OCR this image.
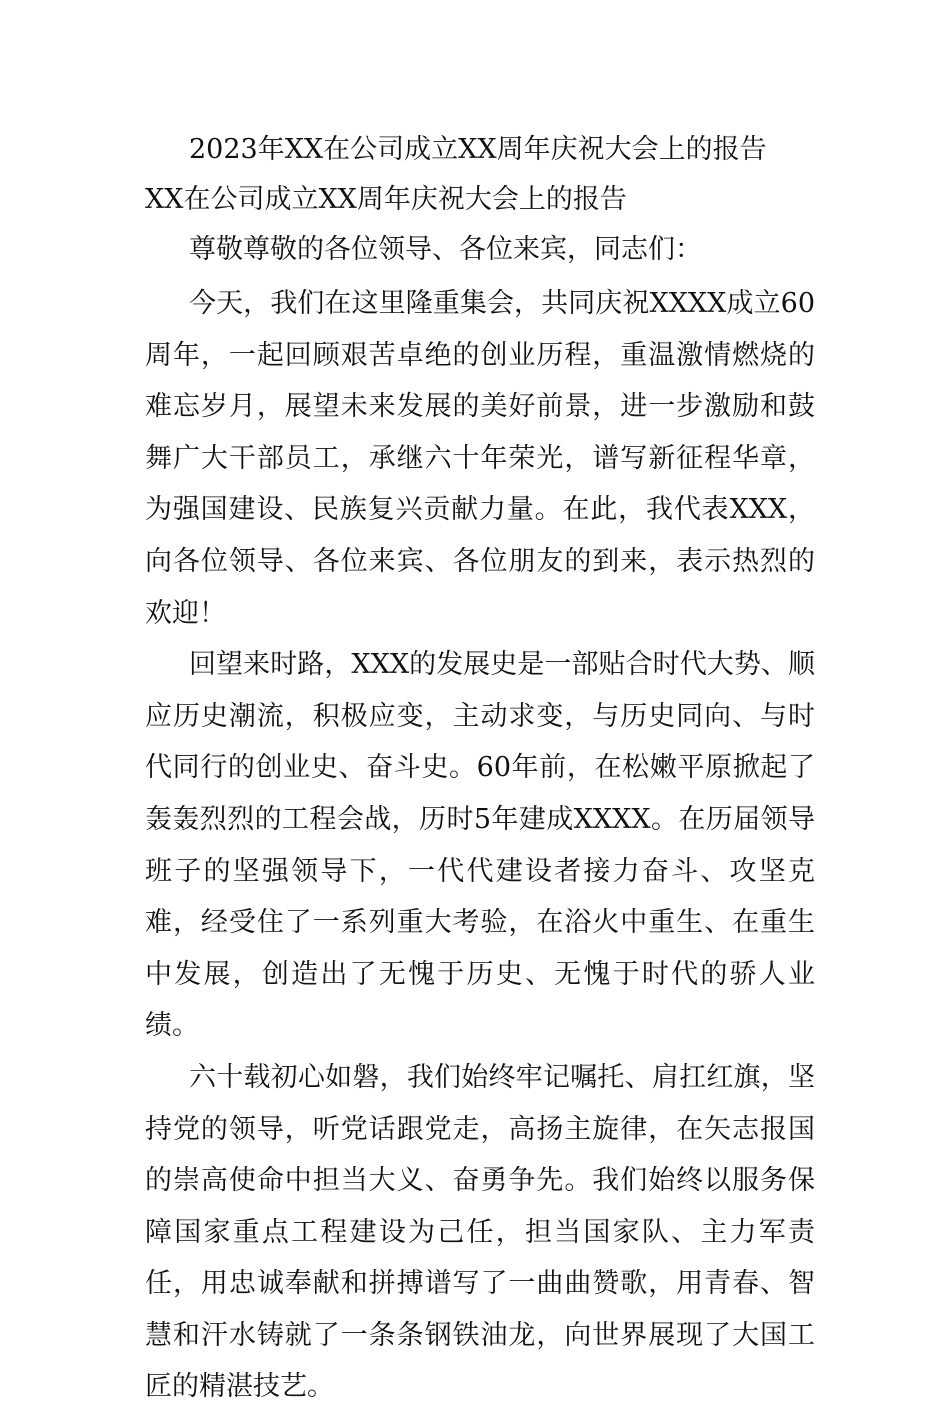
2023年XX在公司成立XX周年庆祝大会上的报告
XX在公司成立XX周年庆祝大会上的报告
尊敬尊敬的各位领导、各位来宾，同志们：

今天，我们在这里隆重集会，共同庆祝XXXX成立60周年，一起回顾艰苦卓绝的创业历程，重温激情燃烧的难忘岁月，展望未来发展的美好前景，进一步激励和鼓舞广大干部员工，承继六十年荣光，谱写新征程华章，为强国建设、民族复兴贡献力量。在此，我代表XXX，向各位领导、各位来宾、各位朋友的到来，表示热烈的欢迎！

回望来时路，XXX的发展史是一部贴合时代大势、顺应历史潮流，积极应变，主动求变，与历史同向、与时代同行的创业史、奋斗史。60年前，在松嫩平原掀起了轰轰烈烈的工程会战，历时5年建成XXXX。在历届领导班子的坚强领导下，一代代建设者接力奋斗、攻坚克难，经受住了一系列重大考验，在浴火中重生、在重生中发展，创造出了无愧于历史、无愧于时代的骄人业绩。

六十载初心如磐，我们始终牢记嘱托、肩扛红旗，坚持党的领导，听党话跟党走，高扬主旋律，在矢志报国的崇高使命中担当大义、奋勇争先。我们始终以服务保障国家重点工程建设为己任，担当国家队、主力军责任，用忠诚奉献和拼搏谱写了一曲曲赞歌，用青春、智慧和汗水铸就了一条条钢铁油龙，向世界展现了大国工匠的精湛技艺。
